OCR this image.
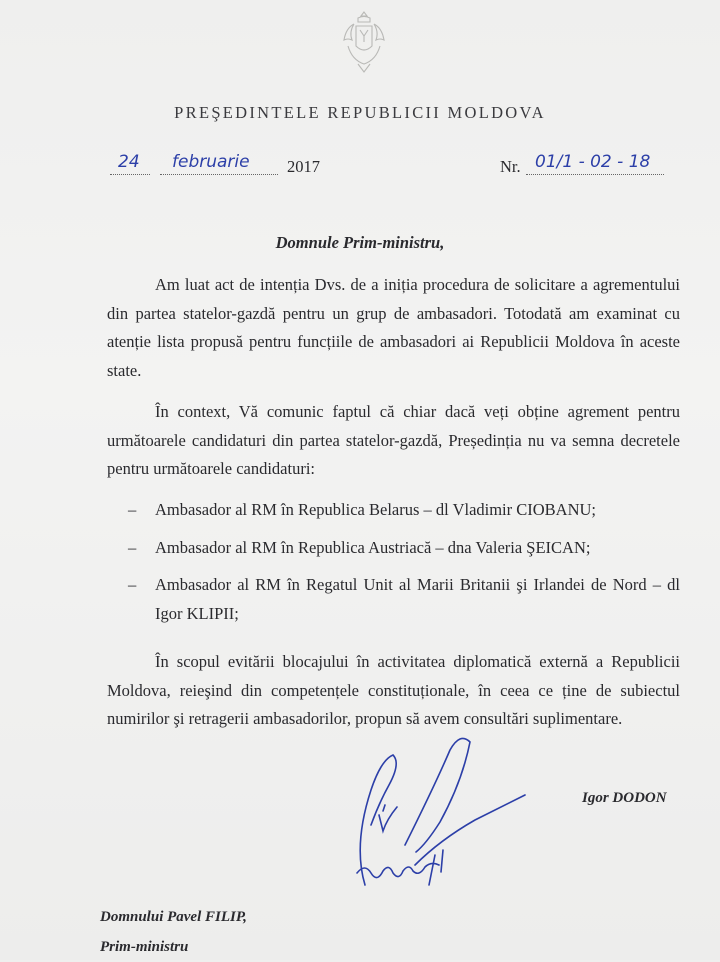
PREŞEDINTELE REPUBLICII MOLDOVA
24 februarie 2017	Nr. 01/1 - 02 - 18
Domnule Prim-ministru,

Am luat act de intenția Dvs. de a iniția procedura de solicitare a agrementului din partea statelor-gazdă pentru un grup de ambasadori. Totodată am examinat cu atenție lista propusă pentru funcțiile de ambasadori ai Republicii Moldova în aceste state.

În context, Vă comunic faptul că chiar dacă veți obține agrement pentru următoarele candidaturi din partea statelor-gazdă, Președinția nu va semna decretele pentru următoarele candidaturi:

– Ambasador al RM în Republica Belarus – dl Vladimir CIOBANU;
– Ambasador al RM în Republica Austriacă – dna Valeria ŞEICAN;
– Ambasador al RM în Regatul Unit al Marii Britanii şi Irlandei de Nord – dl Igor KLIPII;

În scopul evitării blocajului în activitatea diplomatică externă a Republicii Moldova, reieşind din competențele constituționale, în ceea ce ține de subiectul numirilor şi retragerii ambasadorilor, propun să avem consultări suplimentare.

Igor DODON
Domnului Pavel FILIP,
Prim-ministru
